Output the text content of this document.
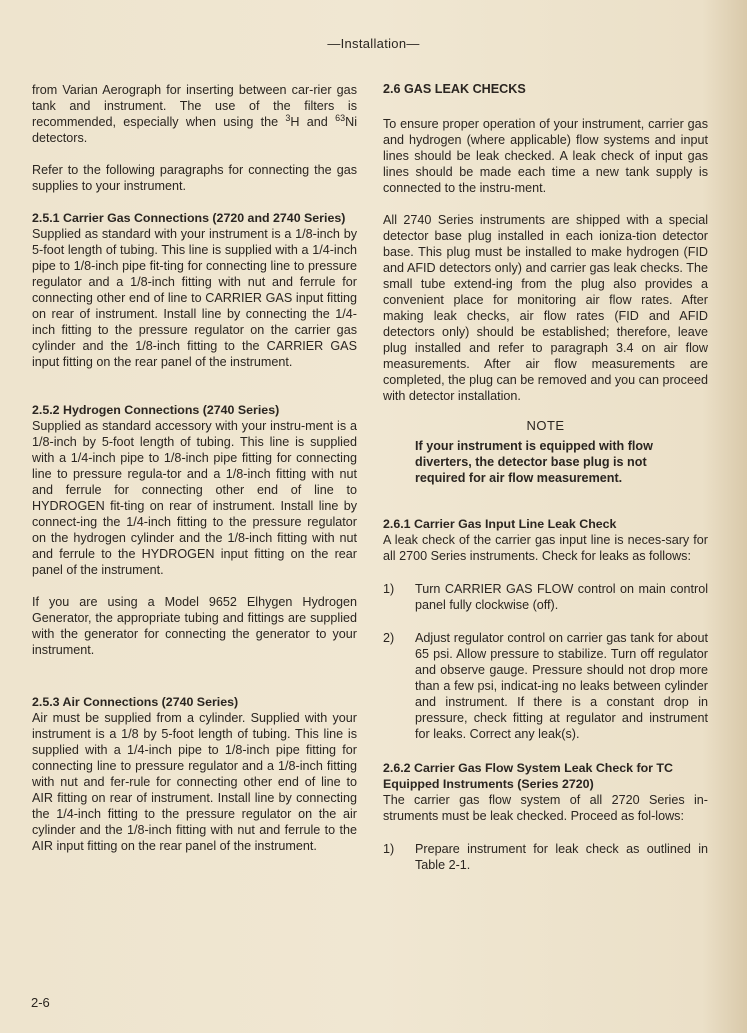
—Installation—

from Varian Aerograph for inserting between car-rier gas tank and instrument. The use of the filters is recommended, especially when using the $^3$H and $^{63}$Ni detectors.

Refer to the following paragraphs for connecting the gas supplies to your instrument.

2.5.1 Carrier Gas Connections (2720 and 2740 Series)

Supplied as standard with your instrument is a 1/8-inch by 5-foot length of tubing. This line is supplied with a 1/4-inch pipe to 1/8-inch pipe fit-ting for connecting line to pressure regulator and a 1/8-inch fitting with nut and ferrule for connecting other end of line to CARRIER GAS input fitting on rear of instrument. Install line by connecting the 1/4-inch fitting to the pressure regulator on the carrier gas cylinder and the 1/8-inch fitting to the CARRIER GAS input fitting on the rear panel of the instrument.

2.5.2 Hydrogen Connections (2740 Series)

Supplied as standard accessory with your instru-ment is a 1/8-inch by 5-foot length of tubing. This line is supplied with a 1/4-inch pipe to 1/8-inch pipe fitting for connecting line to pressure regula-tor and a 1/8-inch fitting with nut and ferrule for connecting other end of line to HYDROGEN fit-ting on rear of instrument. Install line by connect-ing the 1/4-inch fitting to the pressure regulator on the hydrogen cylinder and the 1/8-inch fitting with nut and ferrule to the HYDROGEN input fitting on the rear panel of the instrument.

If you are using a Model 9652 Elhygen Hydrogen Generator, the appropriate tubing and fittings are supplied with the generator for connecting the generator to your instrument.

2.5.3 Air Connections (2740 Series)

Air must be supplied from a cylinder. Supplied with your instrument is a 1/8 by 5-foot length of tubing. This line is supplied with a 1/4-inch pipe to 1/8-inch pipe fitting for connecting line to pressure regulator and a 1/8-inch fitting with nut and fer-rule for connecting other end of line to AIR fitting on rear of instrument. Install line by connecting the 1/4-inch fitting to the pressure regulator on the air cylinder and the 1/8-inch fitting with nut and ferrule to the AIR input fitting on the rear panel of the instrument.

2.6 GAS LEAK CHECKS

To ensure proper operation of your instrument, carrier gas and hydrogen (where applicable) flow systems and input lines should be leak checked. A leak check of input gas lines should be made each time a new tank supply is connected to the instru-ment.

All 2740 Series instruments are shipped with a special detector base plug installed in each ioniza-tion detector base. This plug must be installed to make hydrogen (FID and AFID detectors only) and carrier gas leak checks. The small tube extend-ing from the plug also provides a convenient place for monitoring air flow rates. After making leak checks, air flow rates (FID and AFID detectors only) should be established; therefore, leave plug installed and refer to paragraph 3.4 on air flow measurements. After air flow measurements are completed, the plug can be removed and you can proceed with detector installation.

NOTE
If your instrument is equipped with flow diverters, the detector base plug is not required for air flow measurement.
2.6.1 Carrier Gas Input Line Leak Check

A leak check of the carrier gas input line is neces-sary for all 2700 Series instruments. Check for leaks as follows:

1)	Turn CARRIER GAS FLOW control on main control panel fully clockwise (off).
2)	Adjust regulator control on carrier gas tank for about 65 psi. Allow pressure to stabilize. Turn off regulator and observe gauge. Pressure should not drop more than a few psi, indicat-ing no leaks between cylinder and instrument. If there is a constant drop in pressure, check fitting at regulator and instrument for leaks. Correct any leak(s).
2.6.2 Carrier Gas Flow System Leak Check for TC Equipped Instruments (Series 2720)

The carrier gas flow system of all 2720 Series in-struments must be leak checked. Proceed as fol-lows:

1)	Prepare instrument for leak check as outlined in Table 2-1.
2-6
